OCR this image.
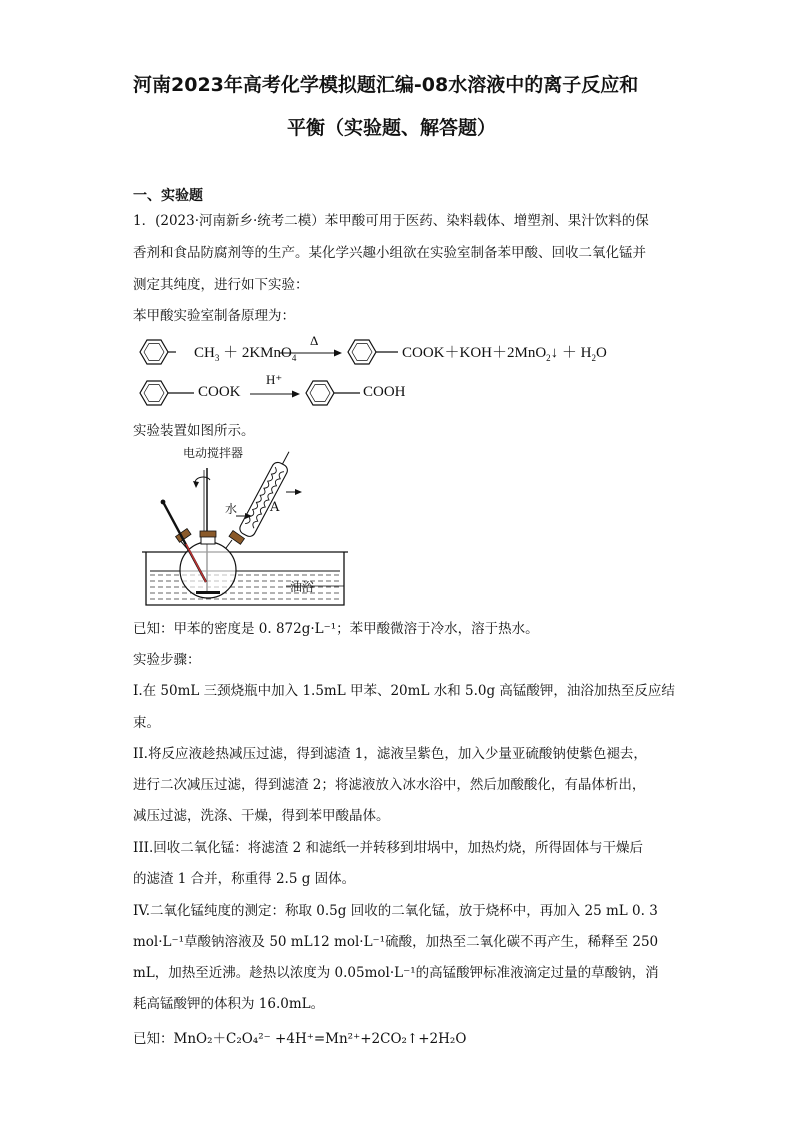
河南2023年高考化学模拟题汇编-08水溶液中的离子反应和
平衡（实验题、解答题）
一、实验题
1．(2023·河南新乡·统考二模）苯甲酸可用于医药、染料载体、增塑剂、果汁饮料的保
香剂和食品防腐剂等的生产。某化学兴趣小组欲在实验室制备苯甲酸、回收二氧化锰并
测定其纯度，进行如下实验：
苯甲酸实验室制备原理为：
$CH_3$ ＋ 2KMnO$_4$
Δ
COOK＋KOH＋2MnO$_2$↓ ＋ $H_2O$
COOK
H⁺
COOH
实验装置如图所示。
电动搅拌器
水	A
油浴
已知：甲苯的密度是 0. 872g·L⁻¹；苯甲酸微溶于冷水，溶于热水。
实验步骤：
I.在 50mL 三颈烧瓶中加入 1.5mL 甲苯、20mL 水和 5.0g 高锰酸钾，油浴加热至反应结
束。
II.将反应液趁热减压过滤，得到滤渣 1，滤液呈紫色，加入少量亚硫酸钠使紫色褪去，
进行二次减压过滤，得到滤渣 2；将滤液放入冰水浴中，然后加酸酸化，有晶体析出，
减压过滤，洗涤、干燥，得到苯甲酸晶体。
III.回收二氧化锰：将滤渣 2 和滤纸一并转移到坩埚中，加热灼烧，所得固体与干燥后
的滤渣 1 合并，称重得 2.5 g 固体。
IV.二氧化锰纯度的测定：称取 0.5g 回收的二氧化锰，放于烧杯中，再加入 25 mL 0. 3
mol·L⁻¹草酸钠溶液及 50 mL12 mol·L⁻¹硫酸，加热至二氧化碳不再产生，稀释至 250
mL，加热至近沸。趁热以浓度为 0.05mol·L⁻¹的高锰酸钾标准液滴定过量的草酸钠，消
耗高锰酸钾的体积为 16.0mL。
已知：MnO₂＋C₂O₄²⁻ +4H⁺=Mn²⁺+2CO₂↑+2H₂O
